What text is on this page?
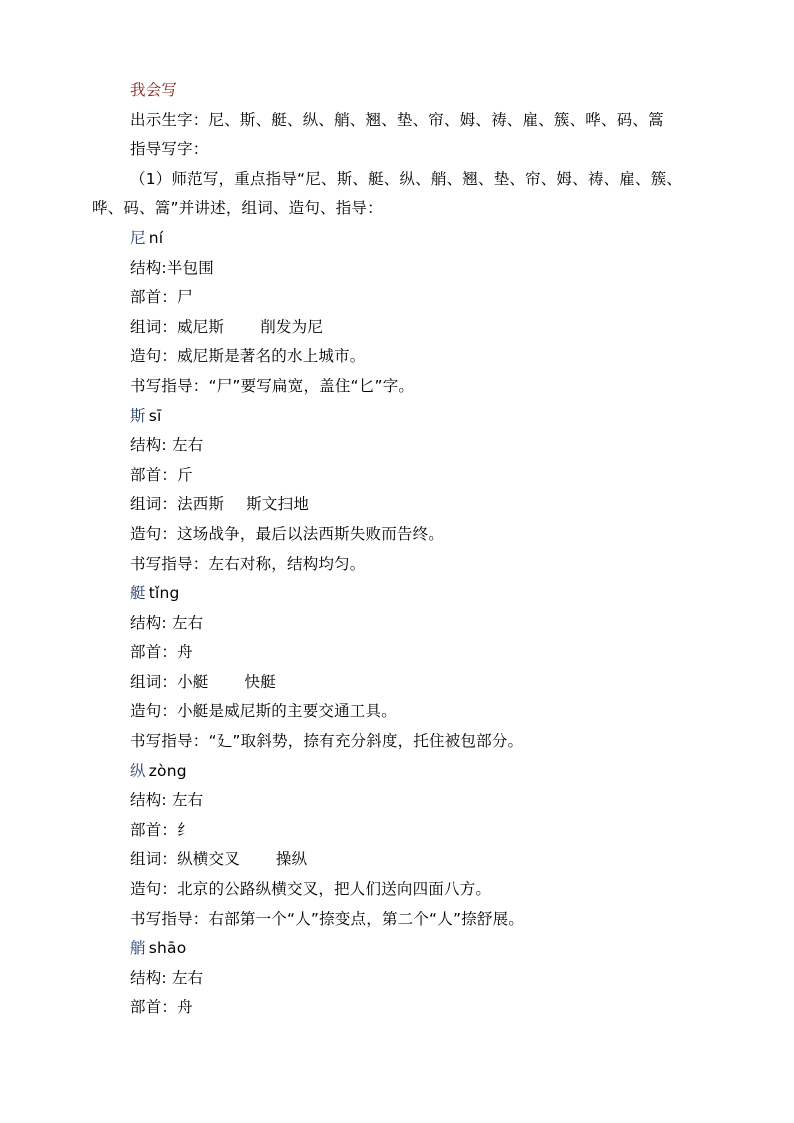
我会写
出示生字：尼、斯、艇、纵、艄、翘、垫、帘、姆、祷、雇、簇、哗、码、篙
指导写字：
（1）师范写，重点指导“尼、斯、艇、纵、艄、翘、垫、帘、姆、祷、雇、簇、哗、码、篙”并讲述，组词、造句、指导：
尼 ní
结构:半包围
部首：尸
组词：威尼斯 削发为尼
造句：威尼斯是著名的水上城市。
书写指导：“尸”要写扁宽，盖住“匕”字。
斯 sī
结构: 左右
部首：斤
组词：法西斯 斯文扫地
造句：这场战争，最后以法西斯失败而告终。
书写指导：左右对称，结构均匀。
艇 tǐng
结构: 左右
部首：舟
组词：小艇 快艇
造句：小艇是威尼斯的主要交通工具。
书写指导：“廴”取斜势，捺有充分斜度，托住被包部分。
纵 zòng
结构: 左右
部首：纟
组词：纵横交叉 操纵
造句：北京的公路纵横交叉，把人们送向四面八方。
书写指导：右部第一个“人”捺变点，第二个“人”捺舒展。
艄 shāo
结构: 左右
部首：舟
